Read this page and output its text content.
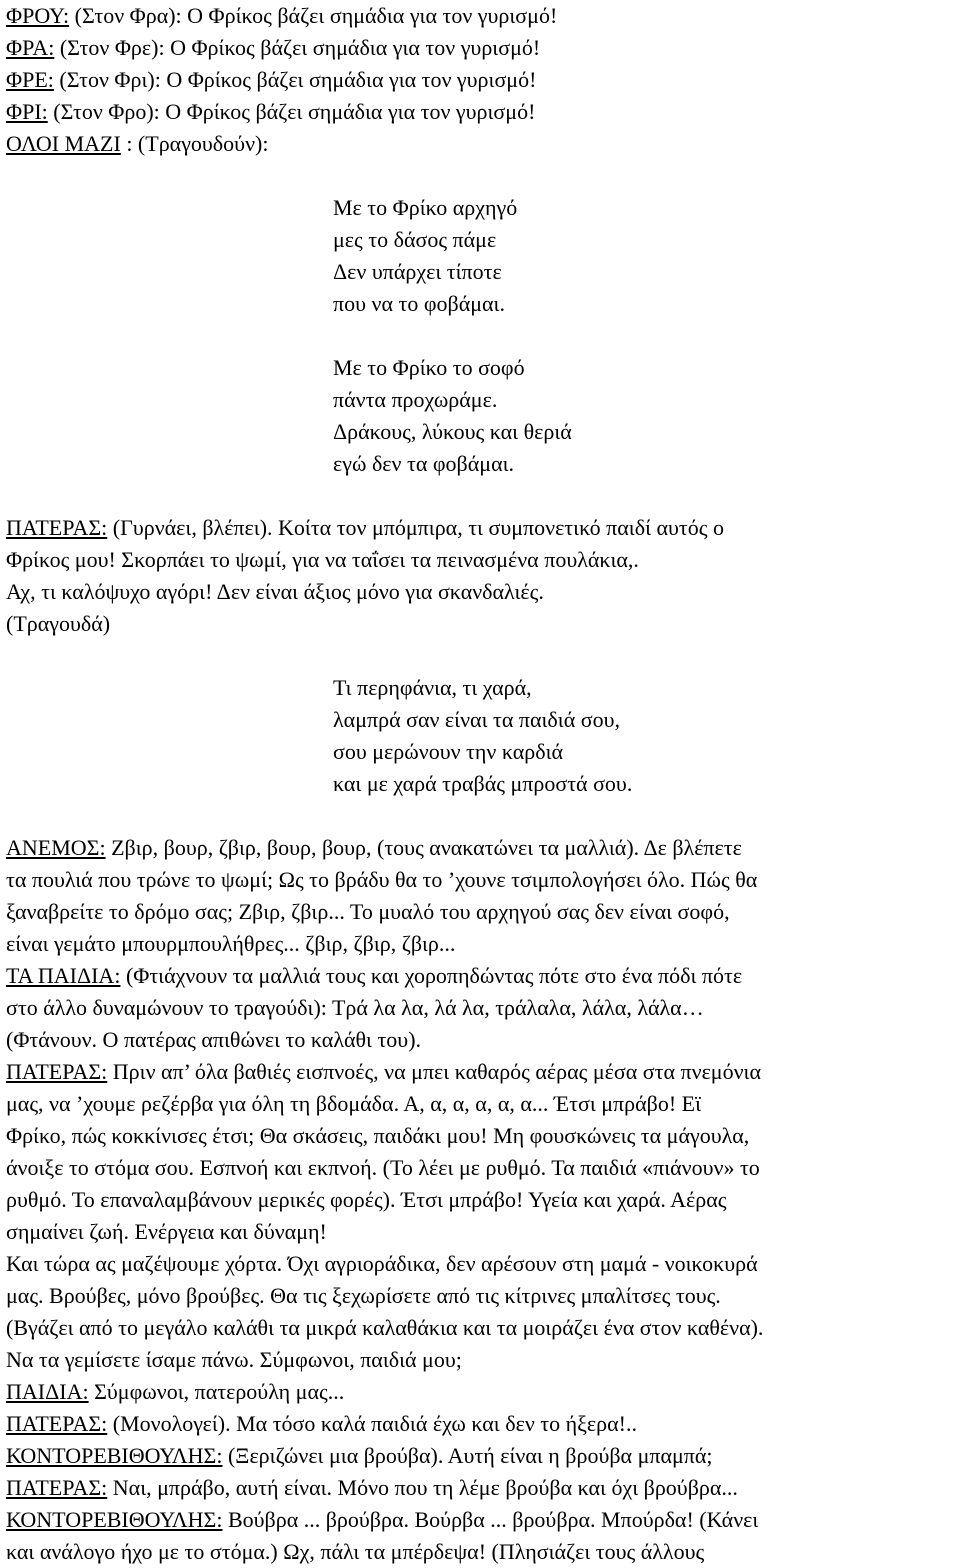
ΦΡΟΥ: (Στον Φρα): Ο Φρίκος βάζει σημάδια για τον γυρισμό!
ΦΡΑ: (Στον Φρε): Ο Φρίκος βάζει σημάδια για τον γυρισμό!
ΦΡΕ: (Στον Φρι): Ο Φρίκος βάζει σημάδια για τον γυρισμό!
ΦΡΙ: (Στον Φρο): Ο Φρίκος βάζει σημάδια για τον γυρισμό!
ΟΛΟΙ ΜΑΖΙ : (Τραγουδούν):
Με το Φρίκο αρχηγό
μες το δάσος πάμε
Δεν υπάρχει τίποτε
που να το φοβάμαι.
Με το Φρίκο το σοφό
πάντα προχωράμε.
Δράκους, λύκους και θεριά
εγώ δεν τα φοβάμαι.
ΠΑΤΕΡΑΣ: (Γυρνάει, βλέπει). Κοίτα τον μπόμπιρα, τι συμπονετικό παιδί αυτός ο
Φρίκος μου! Σκορπάει το ψωμί, για να ταΐσει τα πεινασμένα πουλάκια,.
Αχ, τι καλόψυχο αγόρι! Δεν είναι άξιος μόνο για σκανδαλιές.
(Τραγουδά)
Τι περηφάνια, τι χαρά,
λαμπρά σαν είναι τα παιδιά σου,
σου μερώνουν την καρδιά
και με χαρά τραβάς μπροστά σου.
ΑΝΕΜΟΣ: Ζβιρ, βουρ, ζβιρ, βουρ, βουρ, (τους ανακατώνει τα μαλλιά). Δε βλέπετε
τα πουλιά που τρώνε το ψωμί; Ως το βράδυ θα το ’χουνε τσιμπολογήσει όλο. Πώς θα
ξαναβρείτε το δρόμο σας; Ζβιρ, ζβιρ... Το μυαλό του αρχηγού σας δεν είναι σοφό,
είναι γεμάτο μπουρμπουλήθρες... ζβιρ, ζβιρ, ζβιρ...
ΤΑ ΠΑΙΔΙΑ: (Φτιάχνουν τα μαλλιά τους και χοροπηδώντας πότε στο ένα πόδι πότε
στο άλλο δυναμώνουν το τραγούδι): Τρά λα λα, λά λα, τράλαλα, λάλα, λάλα…
(Φτάνουν. Ο πατέρας απιθώνει το καλάθι του).
ΠΑΤΕΡΑΣ: Πριν απ’ όλα βαθιές εισπνοές, να μπει καθαρός αέρας μέσα στα πνεμόνια
μας, να ’χουμε ρεζέρβα για όλη τη βδομάδα. Α, α, α, α, α, α... Έτσι μπράβο! Εϊ
Φρίκο, πώς κοκκίνισες έτσι; Θα σκάσεις, παιδάκι μου! Μη φουσκώνεις τα μάγουλα,
άνοιξε το στόμα σου. Εσπνοή και εκπνοή. (Το λέει με ρυθμό. Τα παιδιά «πιάνουν» το
ρυθμό. Το επαναλαμβάνουν μερικές φορές). Έτσι μπράβο! Υγεία και χαρά. Αέρας
σημαίνει ζωή. Ενέργεια και δύναμη!
Και τώρα ας μαζέψουμε χόρτα. Όχι αγριοράδικα, δεν αρέσουν στη μαμά - νοικοκυρά
μας. Βρούβες, μόνο βρούβες. Θα τις ξεχωρίσετε από τις κίτρινες μπαλίτσες τους.
(Βγάζει από το μεγάλο καλάθι τα μικρά καλαθάκια και τα μοιράζει ένα στον καθένα).
Να τα γεμίσετε ίσαμε πάνω. Σύμφωνοι, παιδιά μου;
ΠΑΙΔΙΑ: Σύμφωνοι, πατερούλη μας...
ΠΑΤΕΡΑΣ: (Μονολογεί). Μα τόσο καλά παιδιά έχω και δεν το ήξερα!..
ΚΟΝΤΟΡΕΒΙΘΟΥΛΗΣ: (Ξεριζώνει μια βρούβα). Αυτή είναι η βρούβα μπαμπά;
ΠΑΤΕΡΑΣ: Ναι, μπράβο, αυτή είναι. Μόνο που τη λέμε βρούβα και όχι βρούβρα...
ΚΟΝΤΟΡΕΒΙΘΟΥΛΗΣ: Βούβρα ... βρούβρα. Βούρβα ... βρούβρα. Μπούρδα! (Κάνει
και ανάλογο ήχο με το στόμα.) Ωχ, πάλι τα μπέρδεψα! (Πλησιάζει τους άλλους
